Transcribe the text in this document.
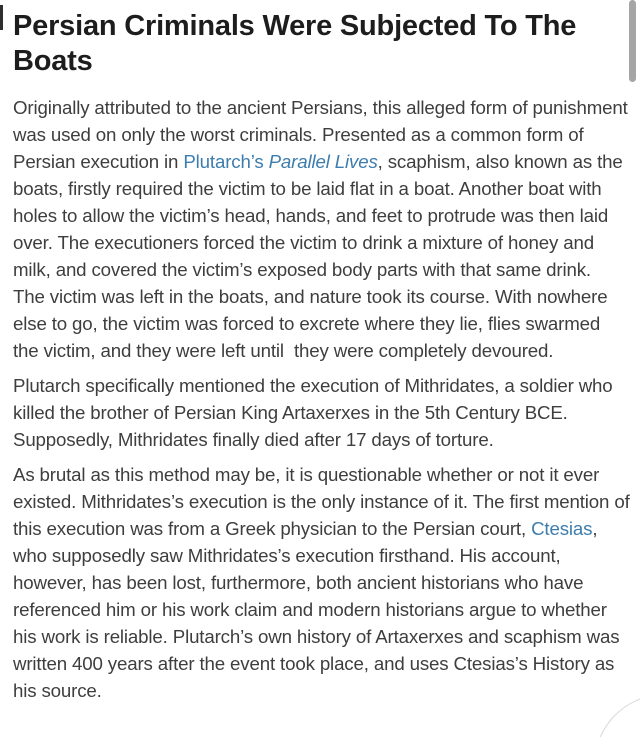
Persian Criminals Were Subjected To The Boats

Originally attributed to the ancient Persians, this alleged form of punishment was used on only the worst criminals. Presented as a common form of Persian execution in Plutarch’s Parallel Lives, scaphism, also known as the boats, firstly required the victim to be laid flat in a boat. Another boat with holes to allow the victim’s head, hands, and feet to protrude was then laid over. The executioners forced the victim to drink a mixture of honey and milk, and covered the victim’s exposed body parts with that same drink.  The victim was left in the boats, and nature took its course. With nowhere else to go, the victim was forced to excrete where they lie, flies swarmed the victim, and they were left until  they were completely devoured.

Plutarch specifically mentioned the execution of Mithridates, a soldier who killed the brother of Persian King Artaxerxes in the 5th Century BCE. Supposedly, Mithridates finally died after 17 days of torture.

As brutal as this method may be, it is questionable whether or not it ever existed. Mithridates’s execution is the only instance of it. The first mention of this execution was from a Greek physician to the Persian court, Ctesias, who supposedly saw Mithridates’s execution firsthand. His account, however, has been lost, furthermore, both ancient historians who have referenced him or his work claim and modern historians argue to whether his work is reliable. Plutarch’s own history of Artaxerxes and scaphism was written 400 years after the event took place, and uses Ctesias’s History as his source.
